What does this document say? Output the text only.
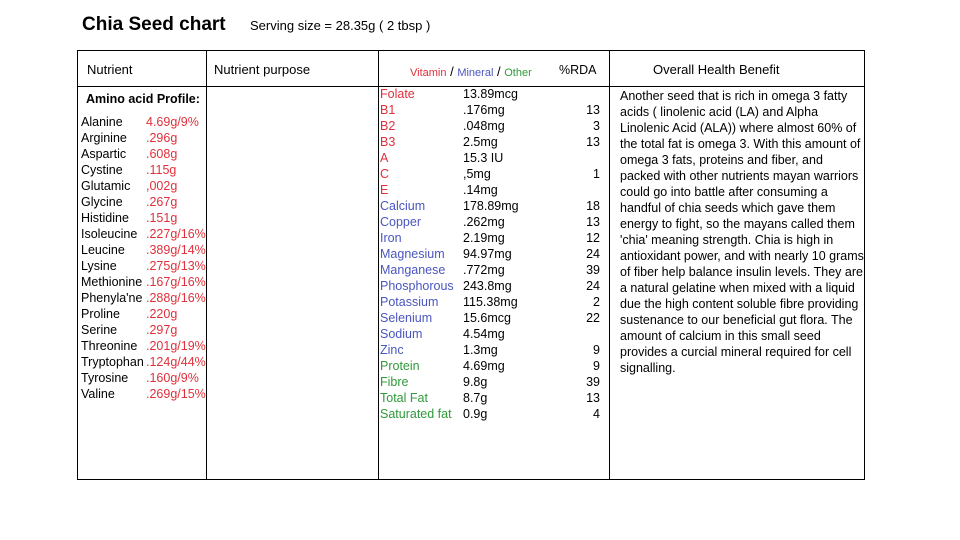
Chia Seed chart Serving size = 28.35g ( 2 tbsp )
Nutrient	Nutrient purpose	Vitamin / Mineral / Other %RDA	Overall Health Benefit
Amino acid Profile:
Alanine 4.69g/9%
Arginine .296g
Aspartic .608g
Cystine .115g
Glutamic ,002g
Glycine .267g
Histidine .151g
Isoleucine .227g/16%
Leucine .389g/14%
Lysine .275g/13%
Methionine .167g/16%
Phenyla'ne .288g/16%
Proline .220g
Serine .297g
Threonine .201g/19%
Tryptophan .124g/44%
Tyrosine .160g/9%
Valine .269g/15%
Folate	13.89mcg
B1	.176mg	13
B2	.048mg	3
B3	2.5mg	13
A	15.3 IU
C	,5mg	1
E	.14mg
Calcium	178.89mg	18
Copper	.262mg	13
Iron	2.19mg	12
Magnesium 94.97mg	24
Manganese .772mg	39
Phosphorous 243.8mg	24
Potassium 115.38mg	2
Selenium 15.6mcg	22
Sodium	4.54mg
Zinc	1.3mg	9
Protein	4.69mg	9
Fibre	9.8g	39
Total Fat	8.7g	13
Saturated fat 0.9g	4
Another seed that is rich in omega 3 fatty acids ( linolenic acid (LA) and Alpha Linolenic Acid (ALA)) where almost 60% of the total fat is omega 3. With this amount of omega 3 fats, proteins and fiber, and packed with other nutrients mayan warriors could go into battle after consuming a handful of chia seeds which gave them energy to fight, so the mayans called them 'chia' meaning strength. Chia is high in antioxidant power, and with nearly 10 grams of fiber help balance insulin levels. They are a natural gelatine when mixed with a liquid due the high content soluble fibre providing sustenance to our beneficial gut flora. The amount of calcium in this small seed provides a curcial mineral required for cell signalling.
